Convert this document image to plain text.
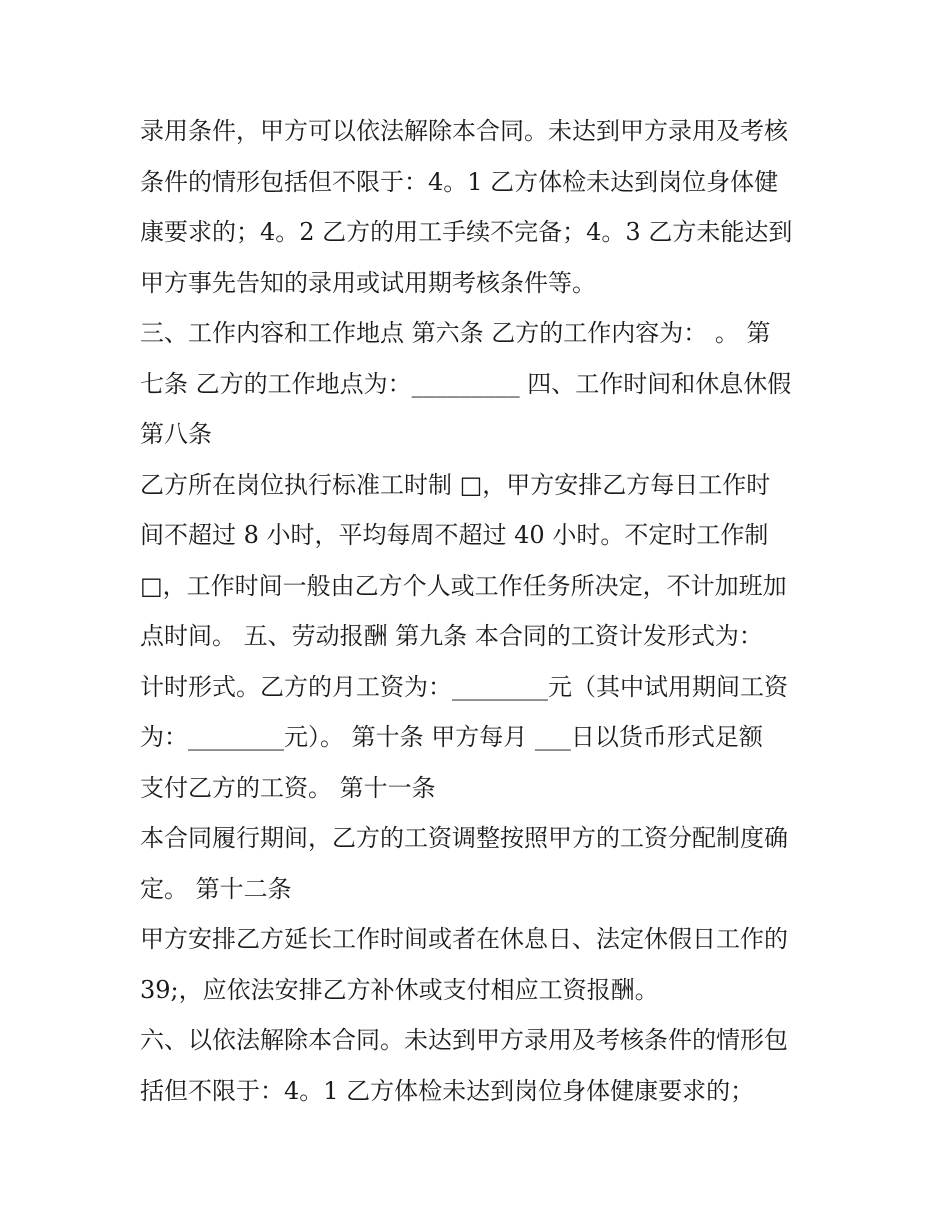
录用条件，甲方可以依法解除本合同。未达到甲方录用及考核
条件的情形包括但不限于：4。1 乙方体检未达到岗位身体健
康要求的；4。2 乙方的用工手续不完备；4。3 乙方未能达到
甲方事先告知的录用或试用期考核条件等。
三、工作内容和工作地点 第六条 乙方的工作内容为： 。 第
七条 乙方的工作地点为：_________ 四、工作时间和休息休假
第八条
乙方所在岗位执行标准工时制 □，甲方安排乙方每日工作时
间不超过 8 小时，平均每周不超过 40 小时。不定时工作制
□，工作时间一般由乙方个人或工作任务所决定，不计加班加
点时间。 五、劳动报酬 第九条 本合同的工资计发形式为：
计时形式。乙方的月工资为：________元（其中试用期间工资
为：________元）。 第十条 甲方每月 ___日以货币形式足额
支付乙方的工资。 第十一条
本合同履行期间，乙方的工资调整按照甲方的工资分配制度确
定。 第十二条
甲方安排乙方延长工作时间或者在休息日、法定休假日工作的
39;，应依法安排乙方补休或支付相应工资报酬。
六、以依法解除本合同。未达到甲方录用及考核条件的情形包
括但不限于：4。1 乙方体检未达到岗位身体健康要求的；
